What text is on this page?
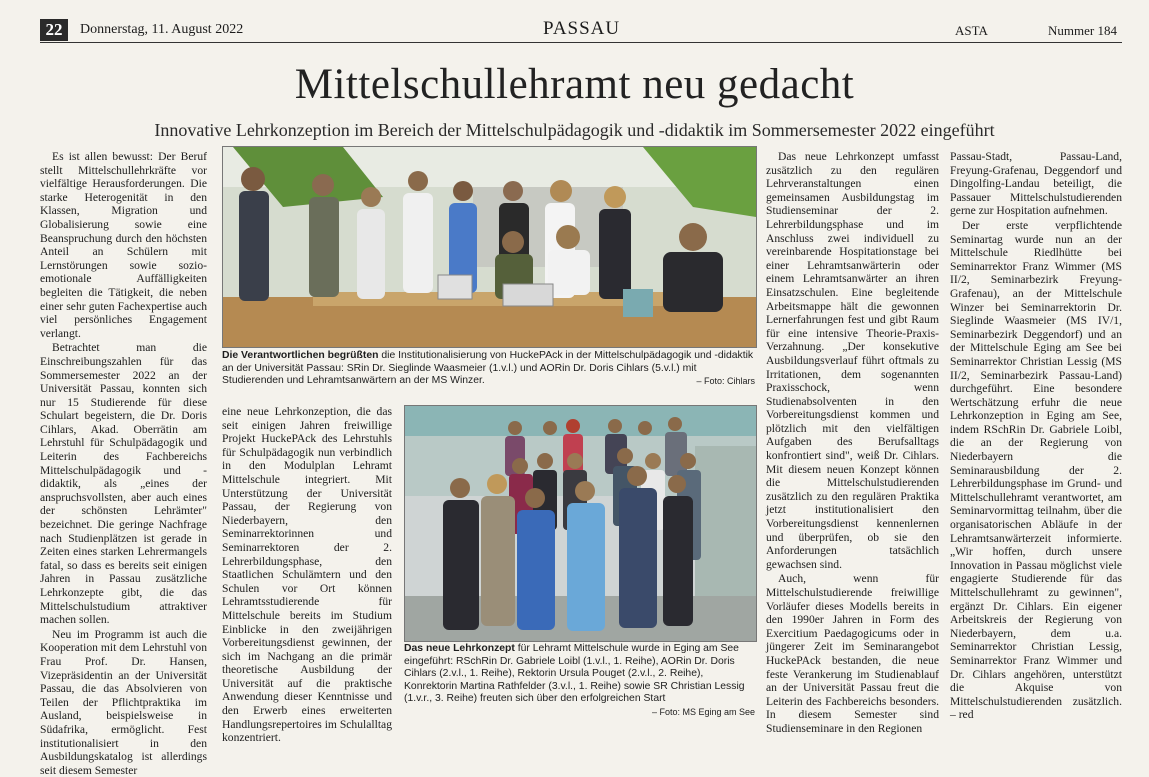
22	Donnerstag, 11. August 2022	PASSAU	ASTA	Nummer 184
Mittelschullehramt neu gedacht
Innovative Lehrkonzeption im Bereich der Mittelschulpädagogik und -didaktik im Sommersemester 2022 eingeführt

Es ist allen bewusst: Der Beruf stellt Mittelschullehrkräfte vor vielfältige Herausforderungen. Die starke Heterogenität in den Klassen, Migration und Globalisierung sowie eine Beanspruchung durch den höchsten Anteil an Schülern mit Lernstörungen sowie sozio-emotionale Auffälligkeiten begleiten die Tätigkeit, die neben einer sehr guten Fachexpertise auch viel persönliches Engagement verlangt.

Betrachtet man die Einschreibungszahlen für das Sommersemester 2022 an der Universität Passau, konnten sich nur 15 Studierende für diese Schulart begeistern, die Dr. Doris Cihlars, Akad. Oberrätin am Lehrstuhl für Schulpädagogik und Leiterin des Fachbereichs Mittelschulpädagogik und -didaktik, als „eines der anspruchsvollsten, aber auch eines der schönsten Lehrämter" bezeichnet. Die geringe Nachfrage nach Studienplätzen ist gerade in Zeiten eines starken Lehrermangels fatal, so dass es bereits seit einigen Jahren in Passau zusätzliche Lehrkonzepte gibt, die das Mittelschulstudium attraktiver machen sollen.

Neu im Programm ist auch die Kooperation mit dem Lehrstuhl von Frau Prof. Dr. Hansen, Vizepräsidentin an der Universität Passau, die das Absolvieren von Teilen der Pflichtpraktika im Ausland, beispielsweise in Südafrika, ermöglicht. Fest institutionalisiert in den Ausbildungskatalog ist allerdings seit diesem Semester

Die Verantwortlichen begrüßten die Institutionalisierung von HuckePAck in der Mittelschulpädagogik und -didaktik an der Universität Passau: SRin Dr. Sieglinde Waasmeier (1.v.l.) und AORin Dr. Doris Cihlars (5.v.l.) mit Studierenden und Lehramtsanwärtern an der MS Winzer.	– Foto: Cihlars

eine neue Lehrkonzeption, die das seit einigen Jahren freiwillige Projekt HuckePAck des Lehrstuhls für Schulpädagogik nun verbindlich in den Modulplan Lehramt Mittelschule integriert. Mit Unterstützung der Universität Passau, der Regierung von Niederbayern, den Seminarrektorinnen und Seminarrektoren der 2. Lehrerbildungsphase, den Staatlichen Schulämtern und den Schulen vor Ort können Lehramtsstudierende für Mittelschule bereits im Studium Einblicke in den zweijährigen Vorbereitungsdienst gewinnen, der sich im Nachgang an die primär theoretische Ausbildung der Universität auf die praktische Anwendung dieser Kenntnisse und den Erwerb eines erweiterten Handlungsrepertoires im Schulalltag konzentriert.

Das neue Lehrkonzept für Lehramt Mittelschule wurde in Eging am See eingeführt: RSchRin Dr. Gabriele Loibl (1.v.l., 1. Reihe), AORin Dr. Doris Cihlars (2.v.l., 1. Reihe), Rektorin Ursula Pouget (2.v.l., 2. Reihe), Konrektorin Martina Rathfelder (3.v.l., 1. Reihe) sowie SR Christian Lessig (1.v.r., 3. Reihe) freuten sich über den erfolgreichen Start
– Foto: MS Eging am See

Das neue Lehrkonzept umfasst zusätzlich zu den regulären Lehrveranstaltungen einen gemeinsamen Ausbildungstag im Studienseminar der 2. Lehrerbildungsphase und im Anschluss zwei individuell zu vereinbarende Hospitationstage bei einer Lehramtsanwärterin oder einem Lehramtsanwärter an ihren Einsatzschulen. Eine begleitende Arbeitsmappe hält die gewonnen Lernerfahrungen fest und gibt Raum für eine intensive Theorie-Praxis-Verzahnung. „Der konsekutive Ausbildungsverlauf führt oftmals zu Irritationen, dem sogenannten Praxisschock, wenn Studienabsolventen in den Vorbereitungsdienst kommen und plötzlich mit den vielfältigen Aufgaben des Berufsalltags konfrontiert sind", weiß Dr. Cihlars. Mit diesem neuen Konzept können die Mittelschulstudierenden zusätzlich zu den regulären Praktika jetzt institutionalisiert den Vorbereitungsdienst kennenlernen und überprüfen, ob sie den Anforderungen tatsächlich gewachsen sind.

Auch, wenn für Mittelschulstudierende freiwillige Vorläufer dieses Modells bereits in den 1990er Jahren in Form des Exercitium Paedagogicums oder in jüngerer Zeit im Seminarangebot HuckePAck bestanden, die neue feste Verankerung im Studienablauf an der Universität Passau freut die Leiterin des Fachbereichs besonders. In diesem Semester sind Studienseminare in den Regionen

Passau-Stadt, Passau-Land, Freyung-Grafenau, Deggendorf und Dingolfing-Landau beteiligt, die Passauer Mittelschulstudierenden gerne zur Hospitation aufnehmen.

Der erste verpflichtende Seminartag wurde nun an der Mittelschule Riedlhütte bei Seminarrektor Franz Wimmer (MS II/2, Seminarbezirk Freyung-Grafenau), an der Mittelschule Winzer bei Seminarrektorin Dr. Sieglinde Waasmeier (MS IV/1, Seminarbezirk Deggendorf) und an der Mittelschule Eging am See bei Seminarrektor Christian Lessig (MS II/2, Seminarbezirk Passau-Land) durchgeführt. Eine besondere Wertschätzung erfuhr die neue Lehrkonzeption in Eging am See, indem RSchRin Dr. Gabriele Loibl, die an der Regierung von Niederbayern die Seminarausbildung der 2. Lehrerbildungsphase im Grund- und Mittelschullehramt verantwortet, am Seminarvormittag teilnahm, über die organisatorischen Abläufe in der Lehramtsanwärterzeit informierte. „Wir hoffen, durch unsere Innovation in Passau möglichst viele engagierte Studierende für das Mittelschullehramt zu gewinnen", ergänzt Dr. Cihlars. Ein eigener Arbeitskreis der Regierung von Niederbayern, dem u.a. Seminarrektor Christian Lessig, Seminarrektor Franz Wimmer und Dr. Cihlars angehören, unterstützt die Akquise von Mittelschulstudierenden zusätzlich. – red
